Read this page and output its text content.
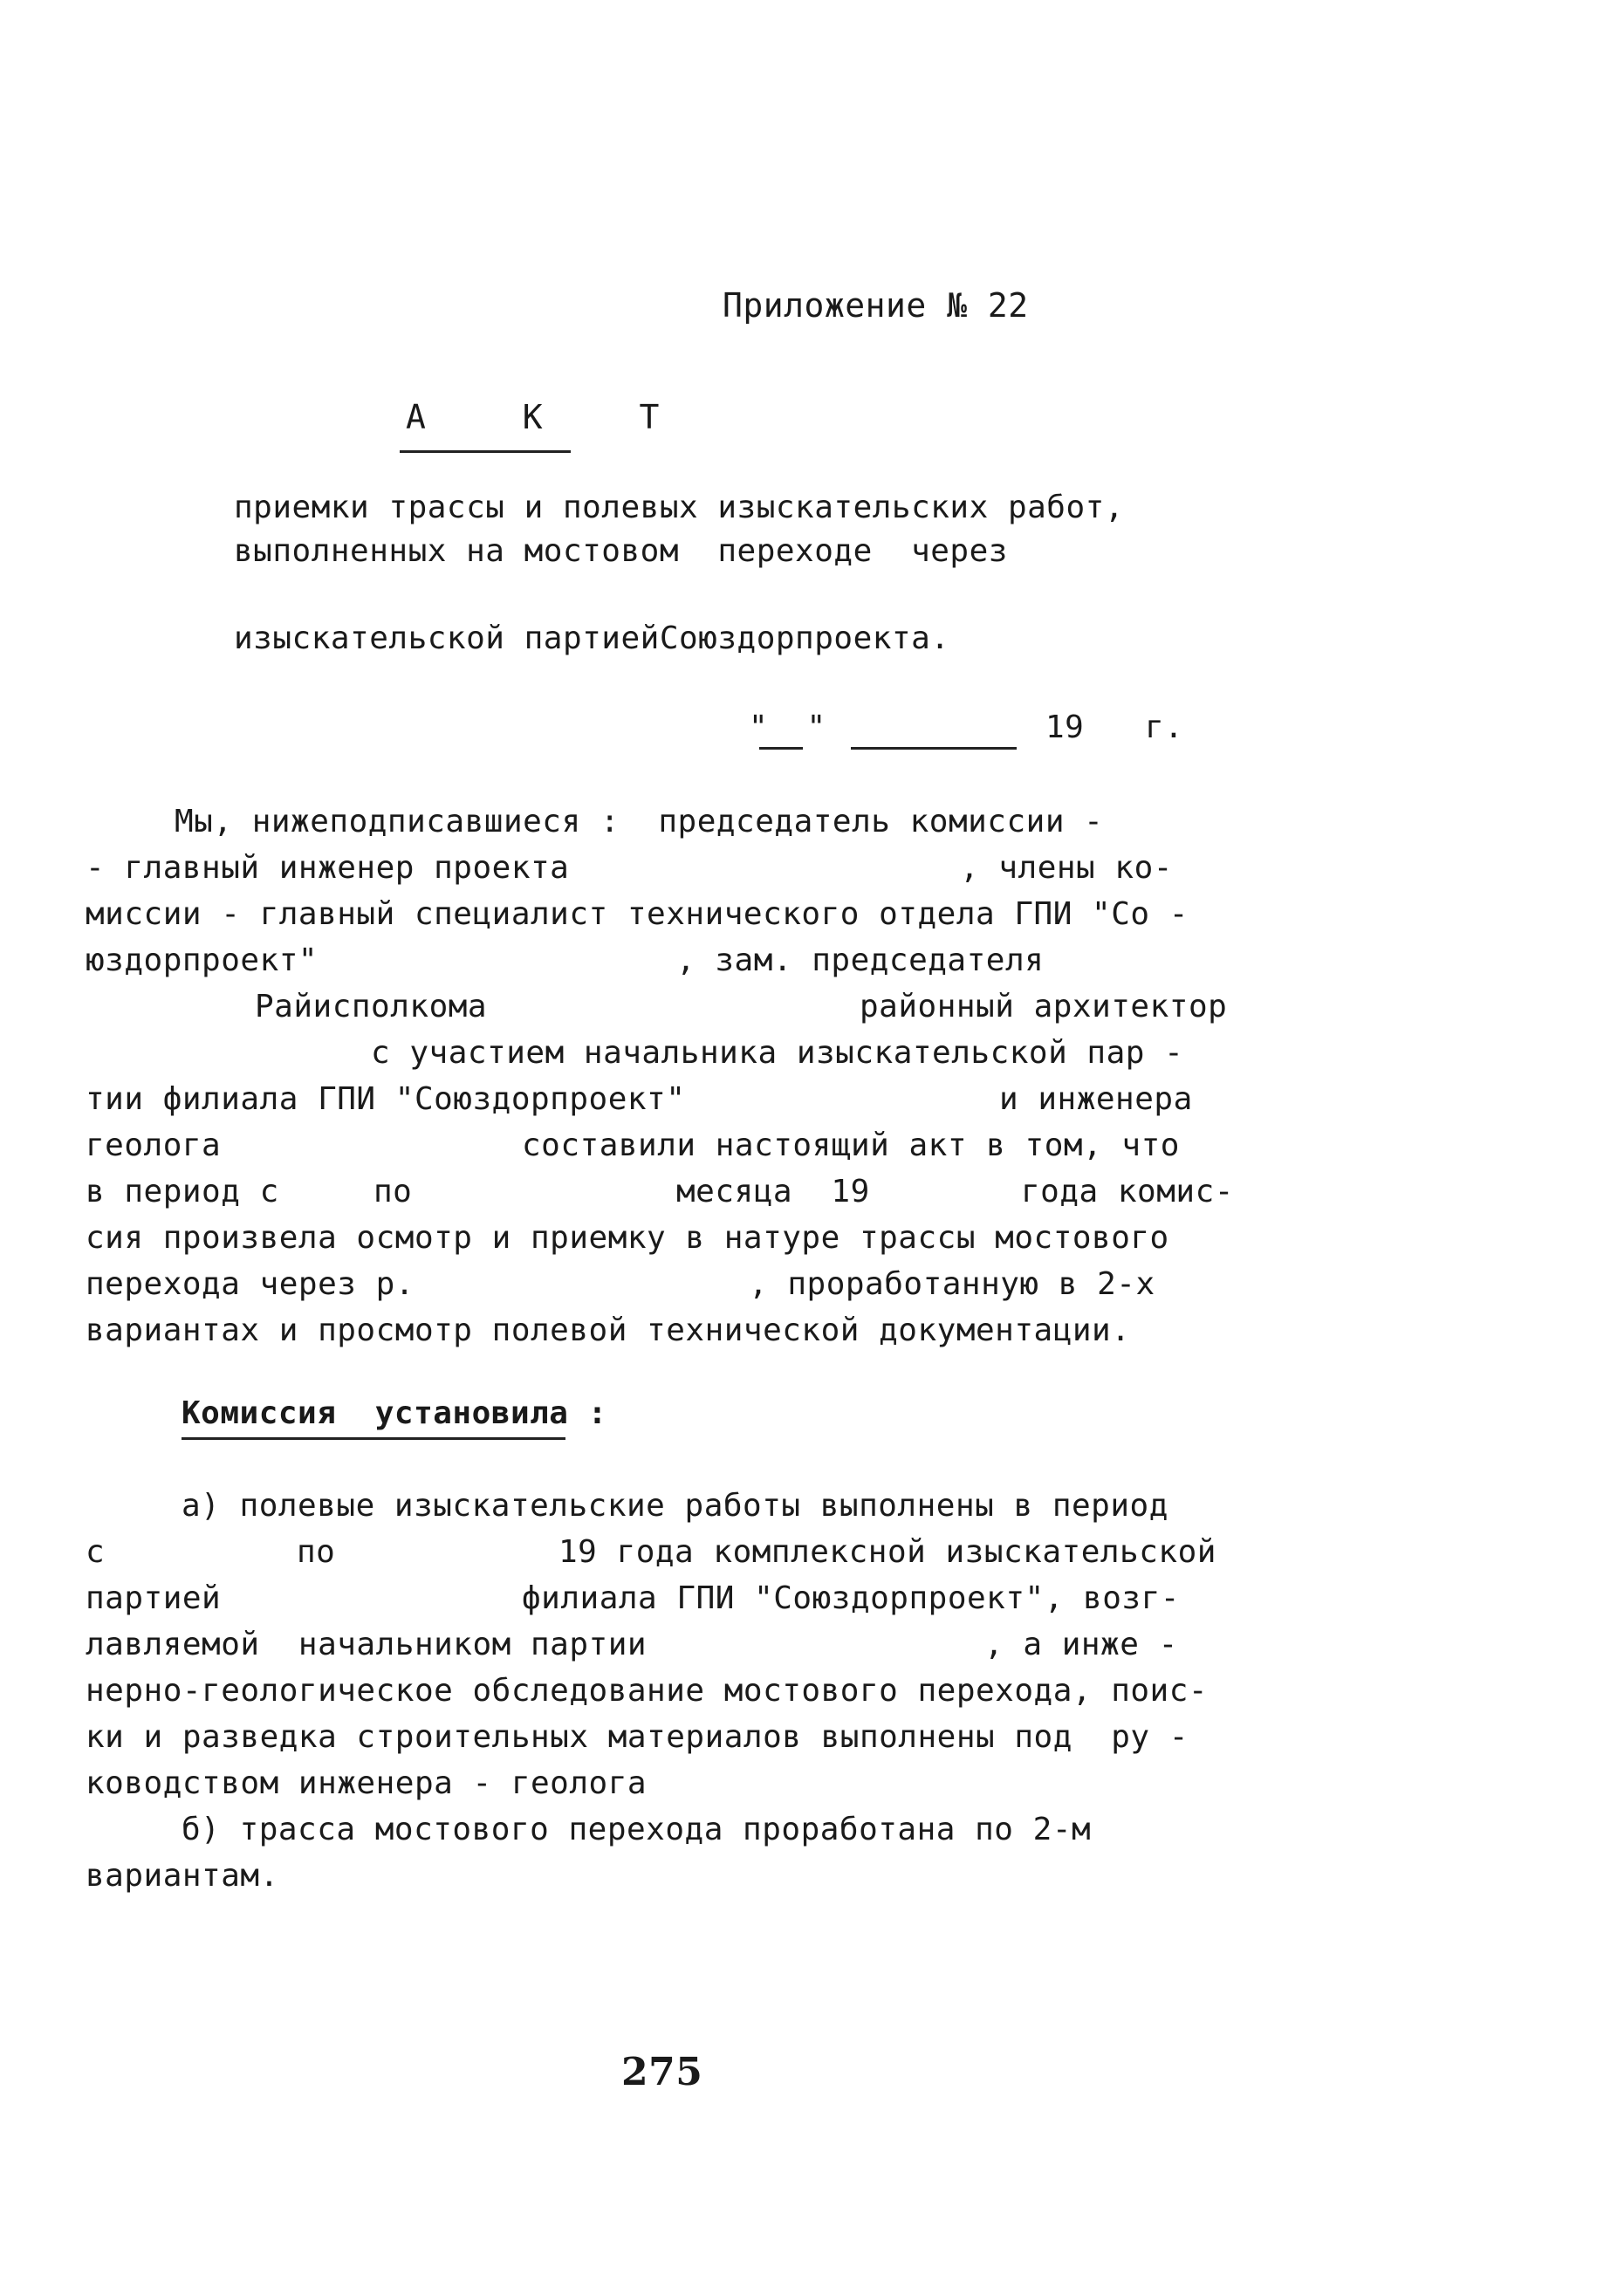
Приложение № 22
А К Т
приемки трассы и полевых изыскательских работ,
выполненных на мостовом  переходе  через
изыскательской партиейСоюздорпроекта.
"  "	19 г.
Мы, нижеподписавшиеся :  председатель комиссии -
- главный инженер проекта	, члены ко-
миссии - главный специалист технического отдела ГПИ "Со -
юздорпроект"	, зам. председателя
Райисполкома	районный архитектор
с участием начальника изыскательской пар -
тии филиала ГПИ "Союздорпроект"	и инженера
геолога	составили настоящий акт в том, что
в период с	по	месяца  19	года комис-
сия произвела осмотр и приемку в натуре трассы мостового
перехода через р.	, проработанную в 2-х
вариантах и просмотр полевой технической документации.
Комиссия  установила :
а) полевые изыскательские работы выполнены в период
с	по	19 года комплексной изыскательской
партией	филиала ГПИ "Союздорпроект", возг-
лавляемой  начальником партии	, а инже -
нерно-геологическое обследование мостового перехода, поис-
ки и разведка строительных материалов выполнены под  ру -
ководством инженера - геолога
б) трасса мостового перехода проработана по 2-м
вариантам.
275
